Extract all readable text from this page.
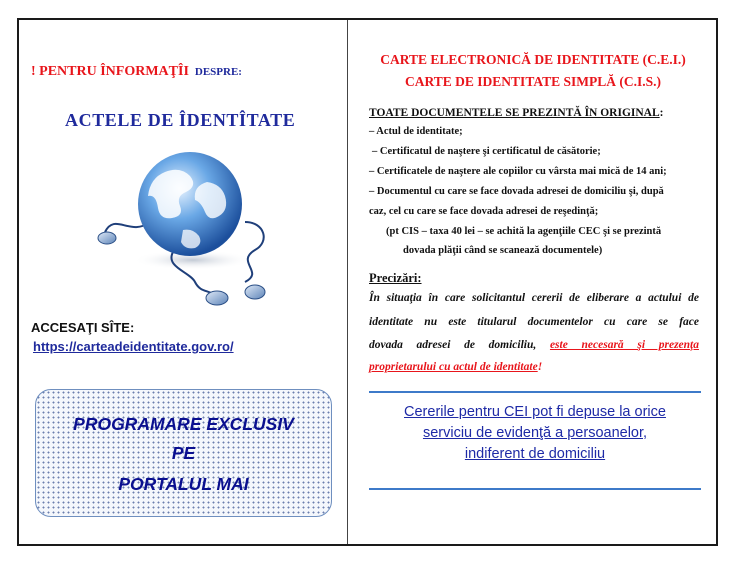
! PENTRU ÎNFORMAŢÎI DESPRE:
ACTELE DE ÎDENTÎTATE
ACCESAŢI SÎTE:
https://carteadeidentitate.gov.ro/
PROGRAMARE EXCLUSIV
PE
PORTALUL MAI
CARTE ELECTRONICĂ DE IDENTITATE (C.E.I.)
CARTE DE IDENTITATE SIMPLĂ (C.I.S.)
TOATE DOCUMENTELE SE PREZINTĂ ÎN ORIGINAL:
– Actul de identitate;
– Certificatul de naştere şi certificatul de căsătorie;
– Certificatele de naştere ale copiilor cu vârsta mai mică de 14 ani;
– Documentul cu care se face dovada adresei de domiciliu şi, după
caz, cel cu care se face dovada adresei de reşedinţă;
(pt CIS – taxa 40 lei – se achită la agenţiile CEC şi se prezintă
dovada plăţii când se scanează documentele)
Precizări:
În situaţia în care solicitantul cererii de eliberare a actului de
identitate nu este titularul documentelor cu care se face
dovada adresei de domiciliu, este necesară şi prezenţa
proprietarului cu actul de identitate!
Cererile pentru CEI pot fi depuse la orice
serviciu de evidenţă a persoanelor,
indiferent de domiciliu
